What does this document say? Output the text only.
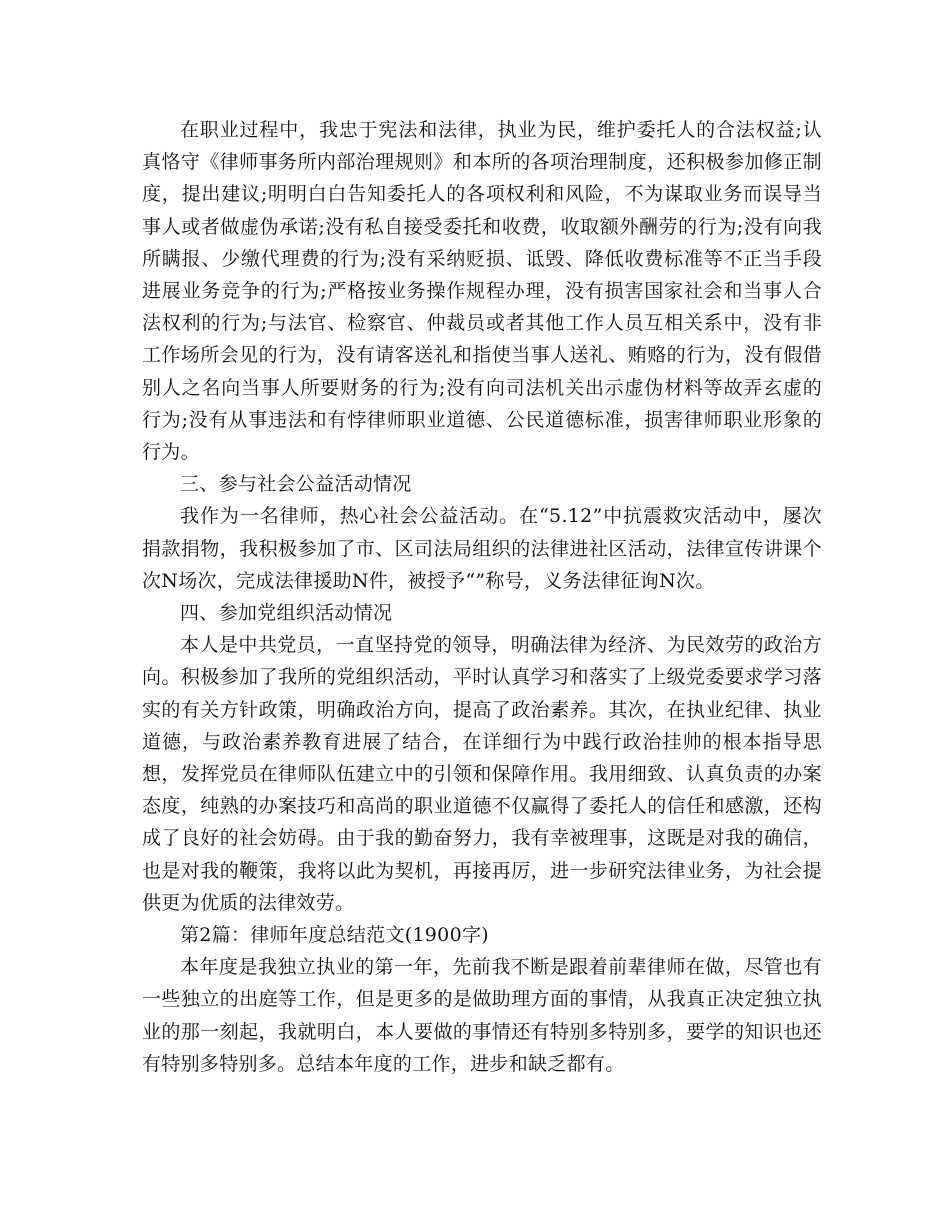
在职业过程中，我忠于宪法和法律，执业为民，维护委托人的合法权益;认真恪守《律师事务所内部治理规则》和本所的各项治理制度，还积极参加修正制度，提出建议;明明白白告知委托人的各项权利和风险，不为谋取业务而误导当事人或者做虚伪承诺;没有私自接受委托和收费，收取额外酬劳的行为;没有向我所瞒报、少缴代理费的行为;没有采纳贬损、诋毁、降低收费标准等不正当手段进展业务竞争的行为;严格按业务操作规程办理，没有损害国家社会和当事人合法权利的行为;与法官、检察官、仲裁员或者其他工作人员互相关系中，没有非工作场所会见的行为，没有请客送礼和指使当事人送礼、贿赂的行为，没有假借别人之名向当事人所要财务的行为;没有向司法机关出示虚伪材料等故弄玄虚的行为;没有从事违法和有悖律师职业道德、公民道德标准，损害律师职业形象的行为。

三、参与社会公益活动情况

我作为一名律师，热心社会公益活动。在“5.12”中抗震救灾活动中，屡次捐款捐物，我积极参加了市、区司法局组织的法律进社区活动，法律宣传讲课个次N场次，完成法律援助N件，被授予“”称号，义务法律征询N次。

四、参加党组织活动情况

本人是中共党员，一直坚持党的领导，明确法律为经济、为民效劳的政治方向。积极参加了我所的党组织活动，平时认真学习和落实了上级党委要求学习落实的有关方针政策，明确政治方向，提高了政治素养。其次，在执业纪律、执业道德，与政治素养教育进展了结合，在详细行为中践行政治挂帅的根本指导思想，发挥党员在律师队伍建立中的引领和保障作用。我用细致、认真负责的办案态度，纯熟的办案技巧和高尚的职业道德不仅赢得了委托人的信任和感激，还构成了良好的社会妨碍。由于我的勤奋努力，我有幸被理事，这既是对我的确信，也是对我的鞭策，我将以此为契机，再接再厉，进一步研究法律业务，为社会提供更为优质的法律效劳。

第2篇：律师年度总结范文(1900字)

本年度是我独立执业的第一年，先前我不断是跟着前辈律师在做，尽管也有一些独立的出庭等工作，但是更多的是做助理方面的事情，从我真正决定独立执业的那一刻起，我就明白，本人要做的事情还有特别多特别多，要学的知识也还有特别多特别多。总结本年度的工作，进步和缺乏都有。
